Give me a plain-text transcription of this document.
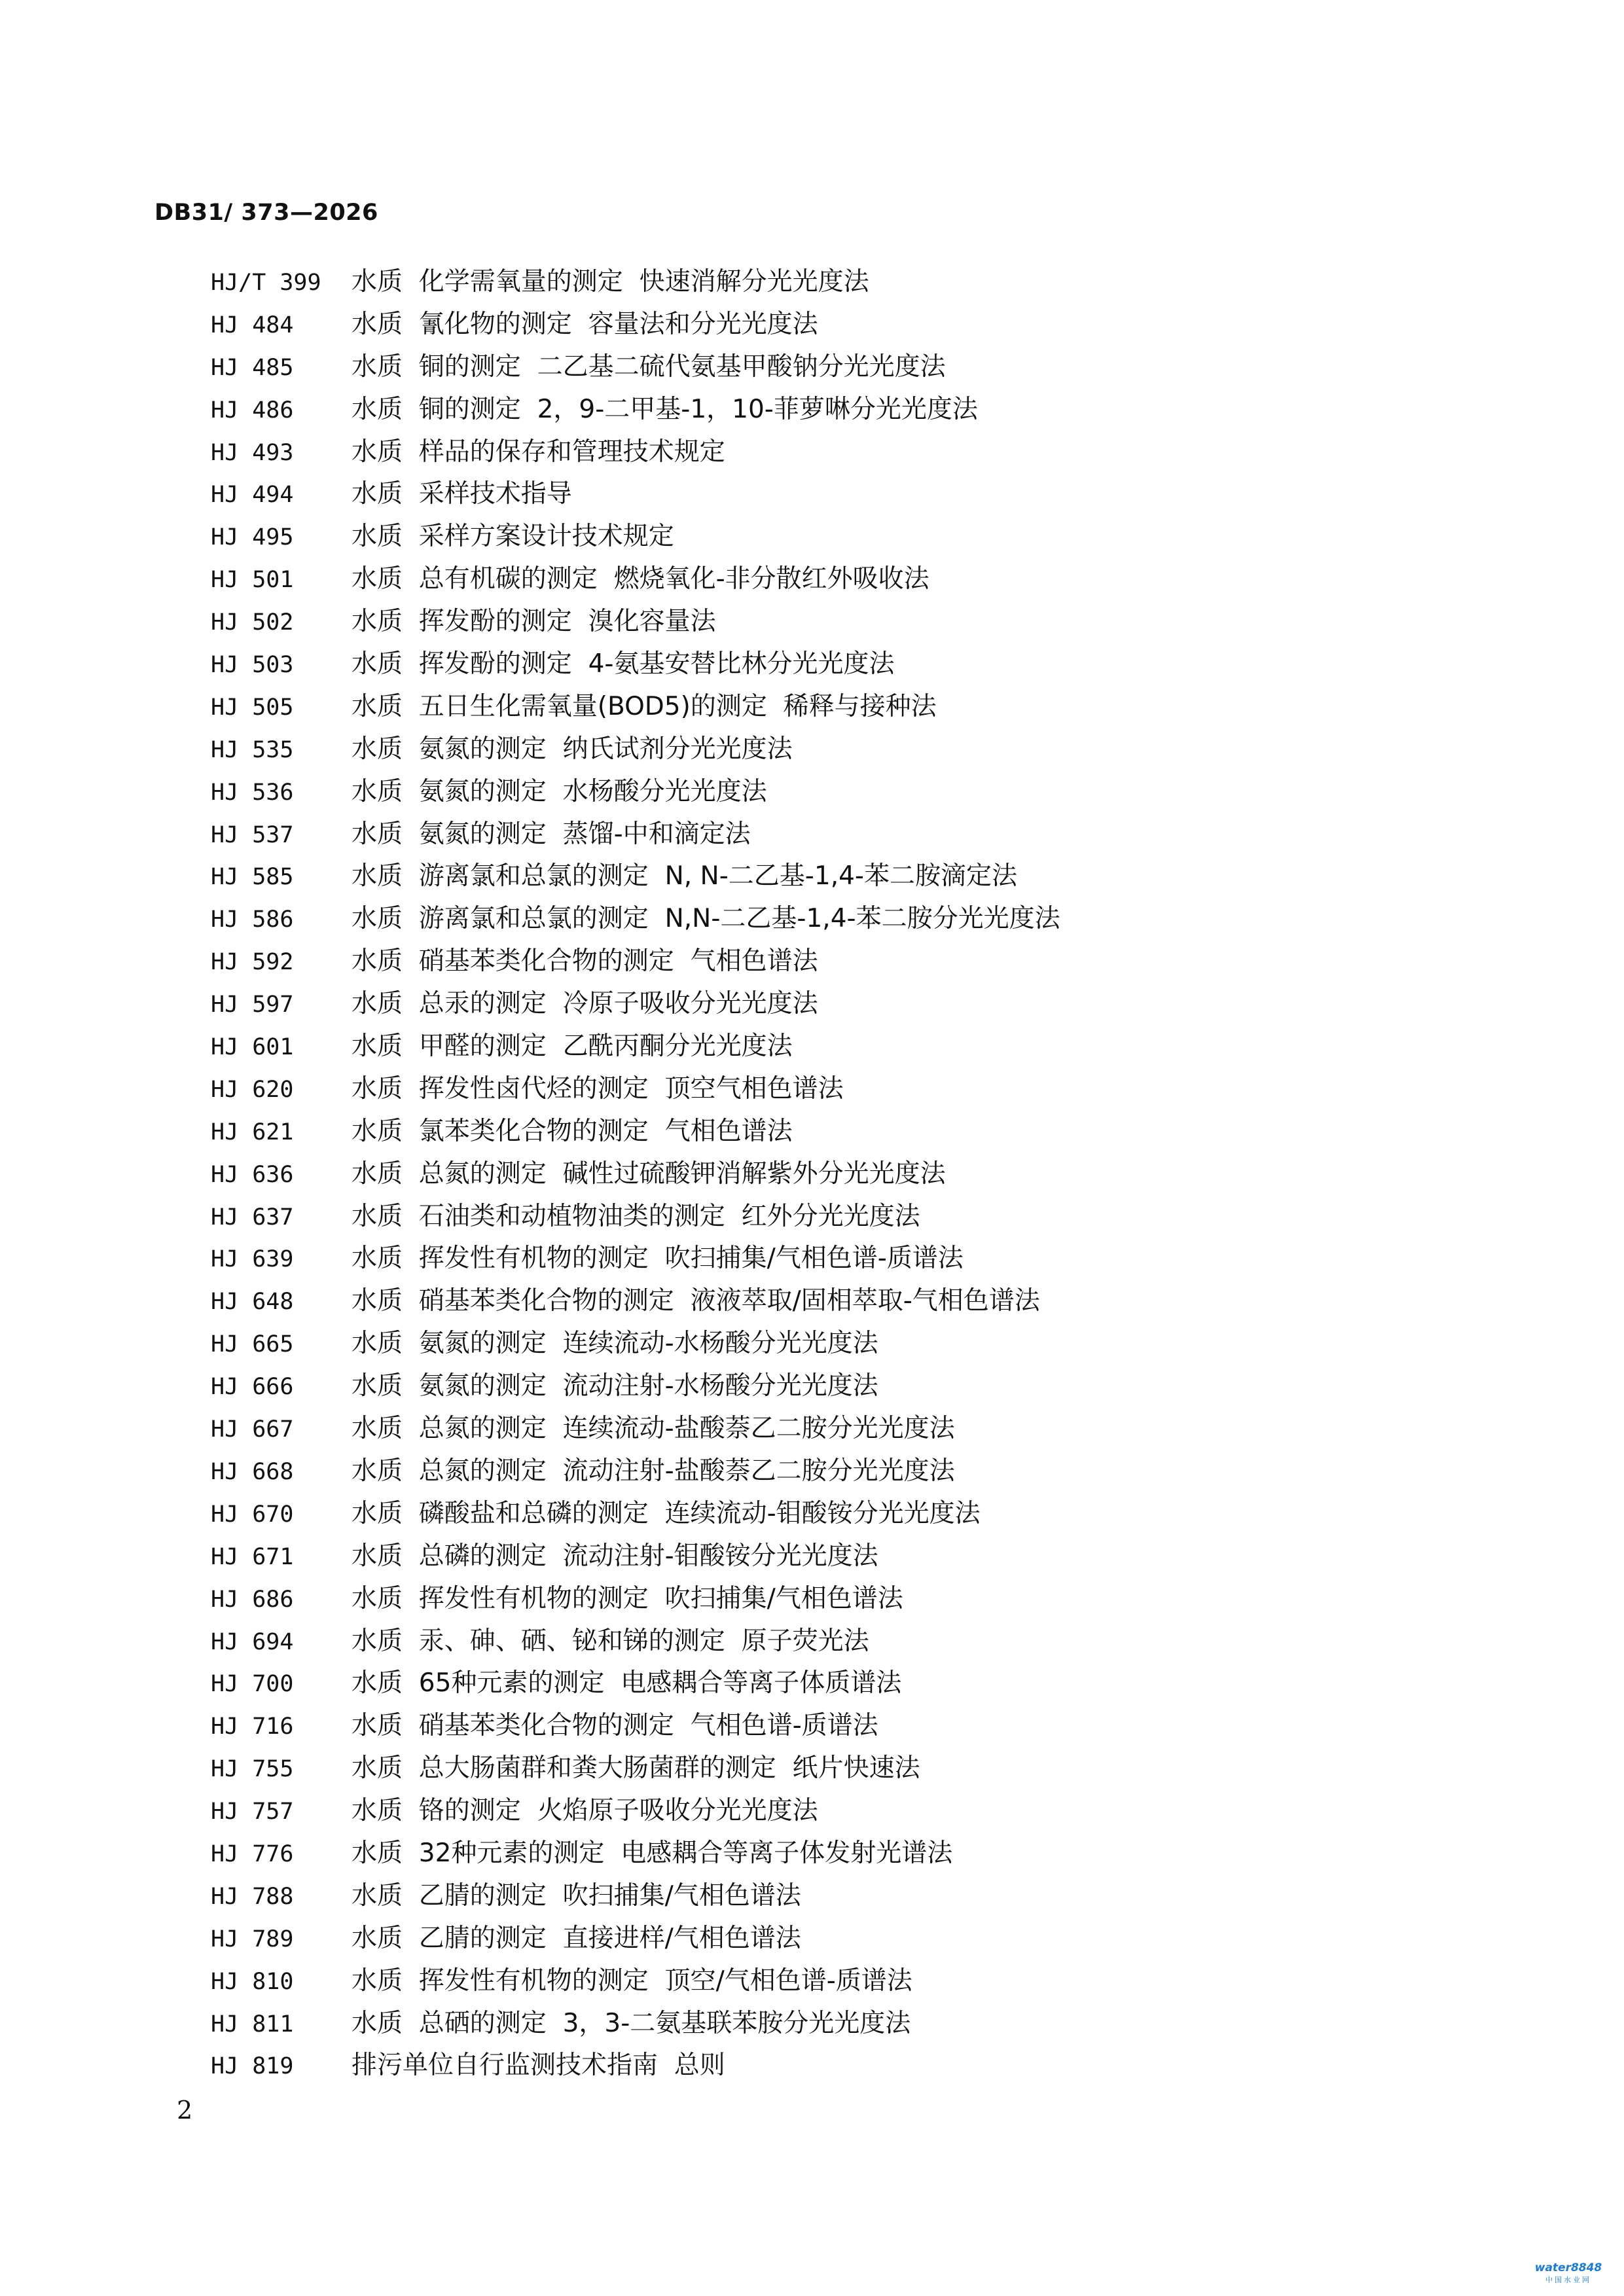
DB31/ 373—2026
HJ/T 399 水质  化学需氧量的测定  快速消解分光光度法
HJ 484 水质  氰化物的测定  容量法和分光光度法
HJ 485 水质  铜的测定  二乙基二硫代氨基甲酸钠分光光度法
HJ 486 水质  铜的测定  2，9-二甲基-1，10-菲萝啉分光光度法
HJ 493 水质  样品的保存和管理技术规定
HJ 494 水质  采样技术指导
HJ 495 水质  采样方案设计技术规定
HJ 501 水质  总有机碳的测定  燃烧氧化-非分散红外吸收法
HJ 502 水质  挥发酚的测定  溴化容量法
HJ 503 水质  挥发酚的测定  4-氨基安替比林分光光度法
HJ 505 水质  五日生化需氧量(BOD5)的测定  稀释与接种法
HJ 535 水质  氨氮的测定  纳氏试剂分光光度法
HJ 536 水质  氨氮的测定  水杨酸分光光度法
HJ 537 水质  氨氮的测定  蒸馏-中和滴定法
HJ 585 水质  游离氯和总氯的测定  N, N-二乙基-1,4-苯二胺滴定法
HJ 586 水质  游离氯和总氯的测定  N,N-二乙基-1,4-苯二胺分光光度法
HJ 592 水质  硝基苯类化合物的测定  气相色谱法
HJ 597 水质  总汞的测定  冷原子吸收分光光度法
HJ 601 水质  甲醛的测定  乙酰丙酮分光光度法
HJ 620 水质  挥发性卤代烃的测定  顶空气相色谱法
HJ 621 水质  氯苯类化合物的测定  气相色谱法
HJ 636 水质  总氮的测定  碱性过硫酸钾消解紫外分光光度法
HJ 637 水质  石油类和动植物油类的测定  红外分光光度法
HJ 639 水质  挥发性有机物的测定  吹扫捕集/气相色谱-质谱法
HJ 648 水质  硝基苯类化合物的测定  液液萃取/固相萃取-气相色谱法
HJ 665 水质  氨氮的测定  连续流动-水杨酸分光光度法
HJ 666 水质  氨氮的测定  流动注射-水杨酸分光光度法
HJ 667 水质  总氮的测定  连续流动-盐酸萘乙二胺分光光度法
HJ 668 水质  总氮的测定  流动注射-盐酸萘乙二胺分光光度法
HJ 670 水质  磷酸盐和总磷的测定  连续流动-钼酸铵分光光度法
HJ 671 水质  总磷的测定  流动注射-钼酸铵分光光度法
HJ 686 水质  挥发性有机物的测定  吹扫捕集/气相色谱法
HJ 694 水质  汞、砷、硒、铋和锑的测定  原子荧光法
HJ 700 水质  65种元素的测定  电感耦合等离子体质谱法
HJ 716 水质  硝基苯类化合物的测定  气相色谱-质谱法
HJ 755 水质  总大肠菌群和粪大肠菌群的测定  纸片快速法
HJ 757 水质  铬的测定  火焰原子吸收分光光度法
HJ 776 水质  32种元素的测定  电感耦合等离子体发射光谱法
HJ 788 水质  乙腈的测定  吹扫捕集/气相色谱法
HJ 789 水质  乙腈的测定  直接进样/气相色谱法
HJ 810 水质  挥发性有机物的测定  顶空/气相色谱-质谱法
HJ 811 水质  总硒的测定  3，3-二氨基联苯胺分光光度法
HJ 819 排污单位自行监测技术指南  总则
2
water8848
中国水业网
